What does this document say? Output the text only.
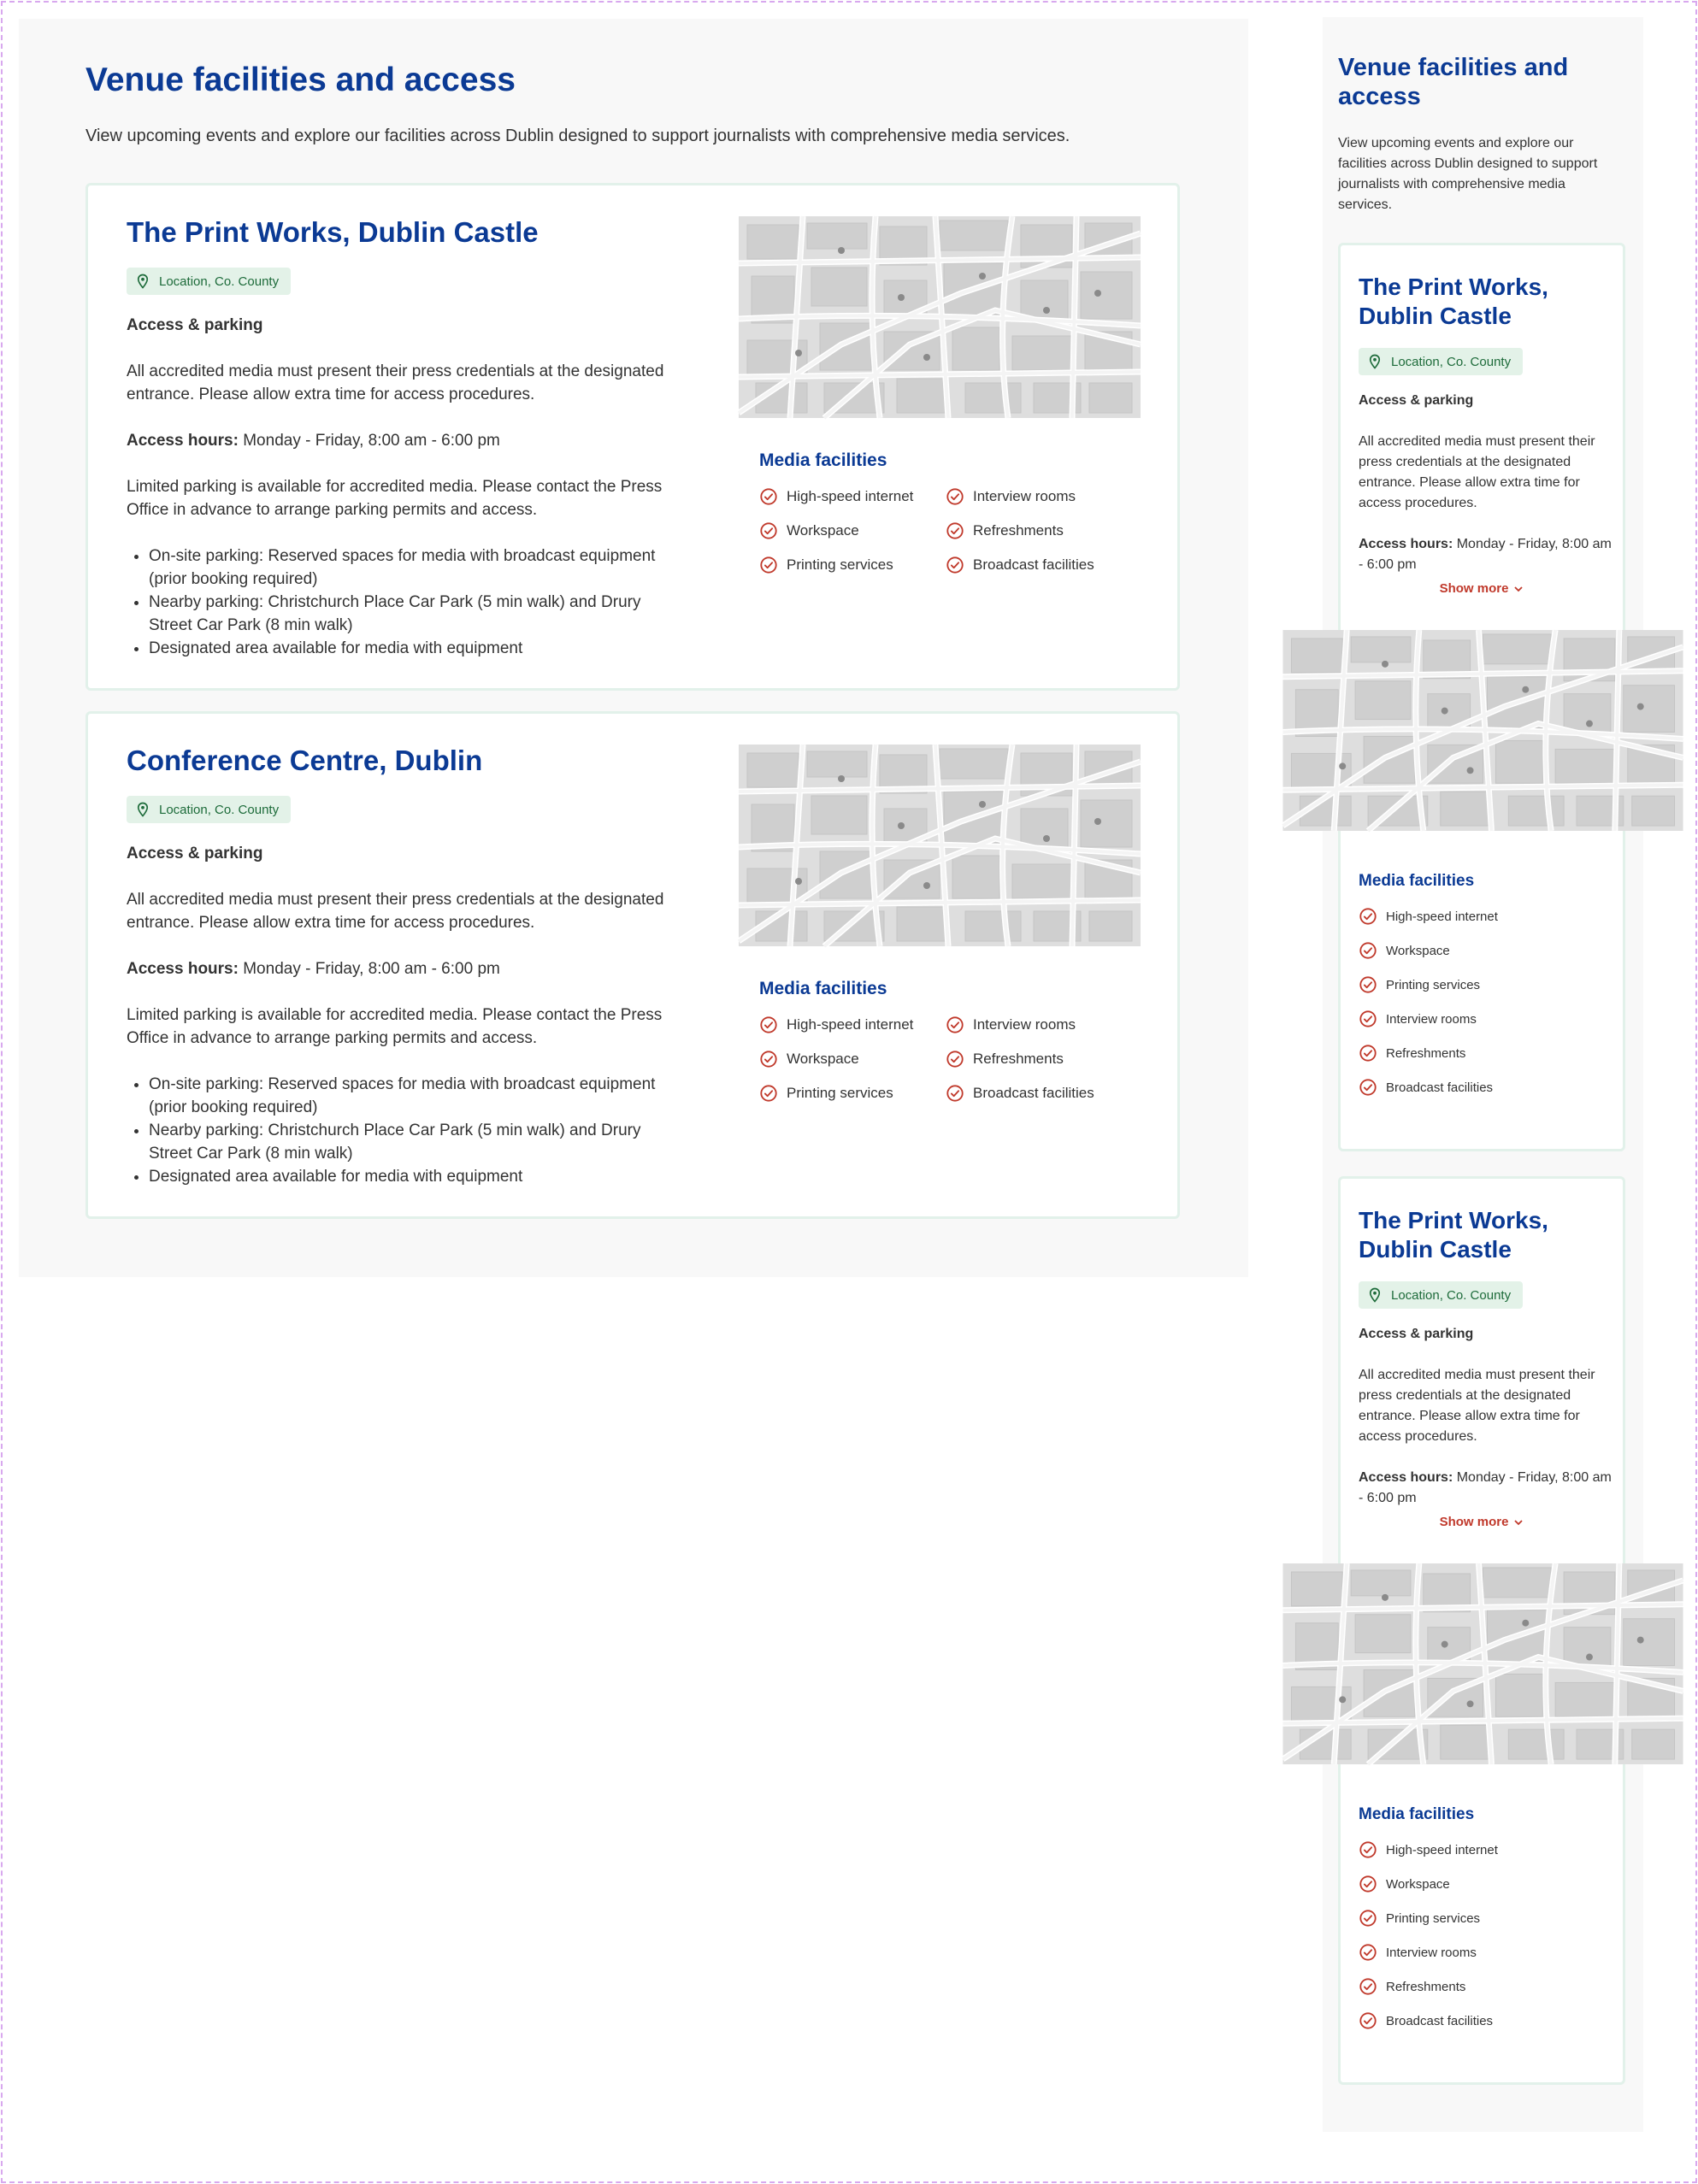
Venue facilities and access

View upcoming events and explore our facilities across Dublin designed to support journalists with comprehensive media services.

The Print Works, Dublin Castle
Location, Co. County
Access & parking

All accredited media must present their press credentials at the designated entrance. Please allow extra time for access procedures.

Access hours: Monday - Friday, 8:00 am - 6:00 pm

Limited parking is available for accredited media. Please contact the Press Office in advance to arrange parking permits and access.

• On-site parking: Reserved spaces for media with broadcast equipment (prior booking required)
• Nearby parking: Christchurch Place Car Park (5 min walk) and Drury Street Car Park (8 min walk)
• Designated area available for media with equipment
Media facilities
High-speed internet	Interview rooms
Workspace	Refreshments
Printing services	Broadcast facilities
Conference Centre, Dublin
Location, Co. County
Access & parking

All accredited media must present their press credentials at the designated entrance. Please allow extra time for access procedures.

Access hours: Monday - Friday, 8:00 am - 6:00 pm

Limited parking is available for accredited media. Please contact the Press Office in advance to arrange parking permits and access.

• On-site parking: Reserved spaces for media with broadcast equipment (prior booking required)
• Nearby parking: Christchurch Place Car Park (5 min walk) and Drury Street Car Park (8 min walk)
• Designated area available for media with equipment
Media facilities
High-speed internet	Interview rooms
Workspace	Refreshments
Printing services	Broadcast facilities
Venue facilities and access

View upcoming events and explore our facilities across Dublin designed to support journalists with comprehensive media services.

The Print Works, Dublin Castle
Location, Co. County
Access & parking

All accredited media must present their press credentials at the designated entrance. Please allow extra time for access procedures.

Access hours: Monday - Friday, 8:00 am - 6:00 pm

Show more
Media facilities
High-speed internet
Workspace
Printing services
Interview rooms
Refreshments
Broadcast facilities
The Print Works, Dublin Castle
Location, Co. County
Access & parking

All accredited media must present their press credentials at the designated entrance. Please allow extra time for access procedures.

Access hours: Monday - Friday, 8:00 am - 6:00 pm

Show more
Media facilities
High-speed internet
Workspace
Printing services
Interview rooms
Refreshments
Broadcast facilities
